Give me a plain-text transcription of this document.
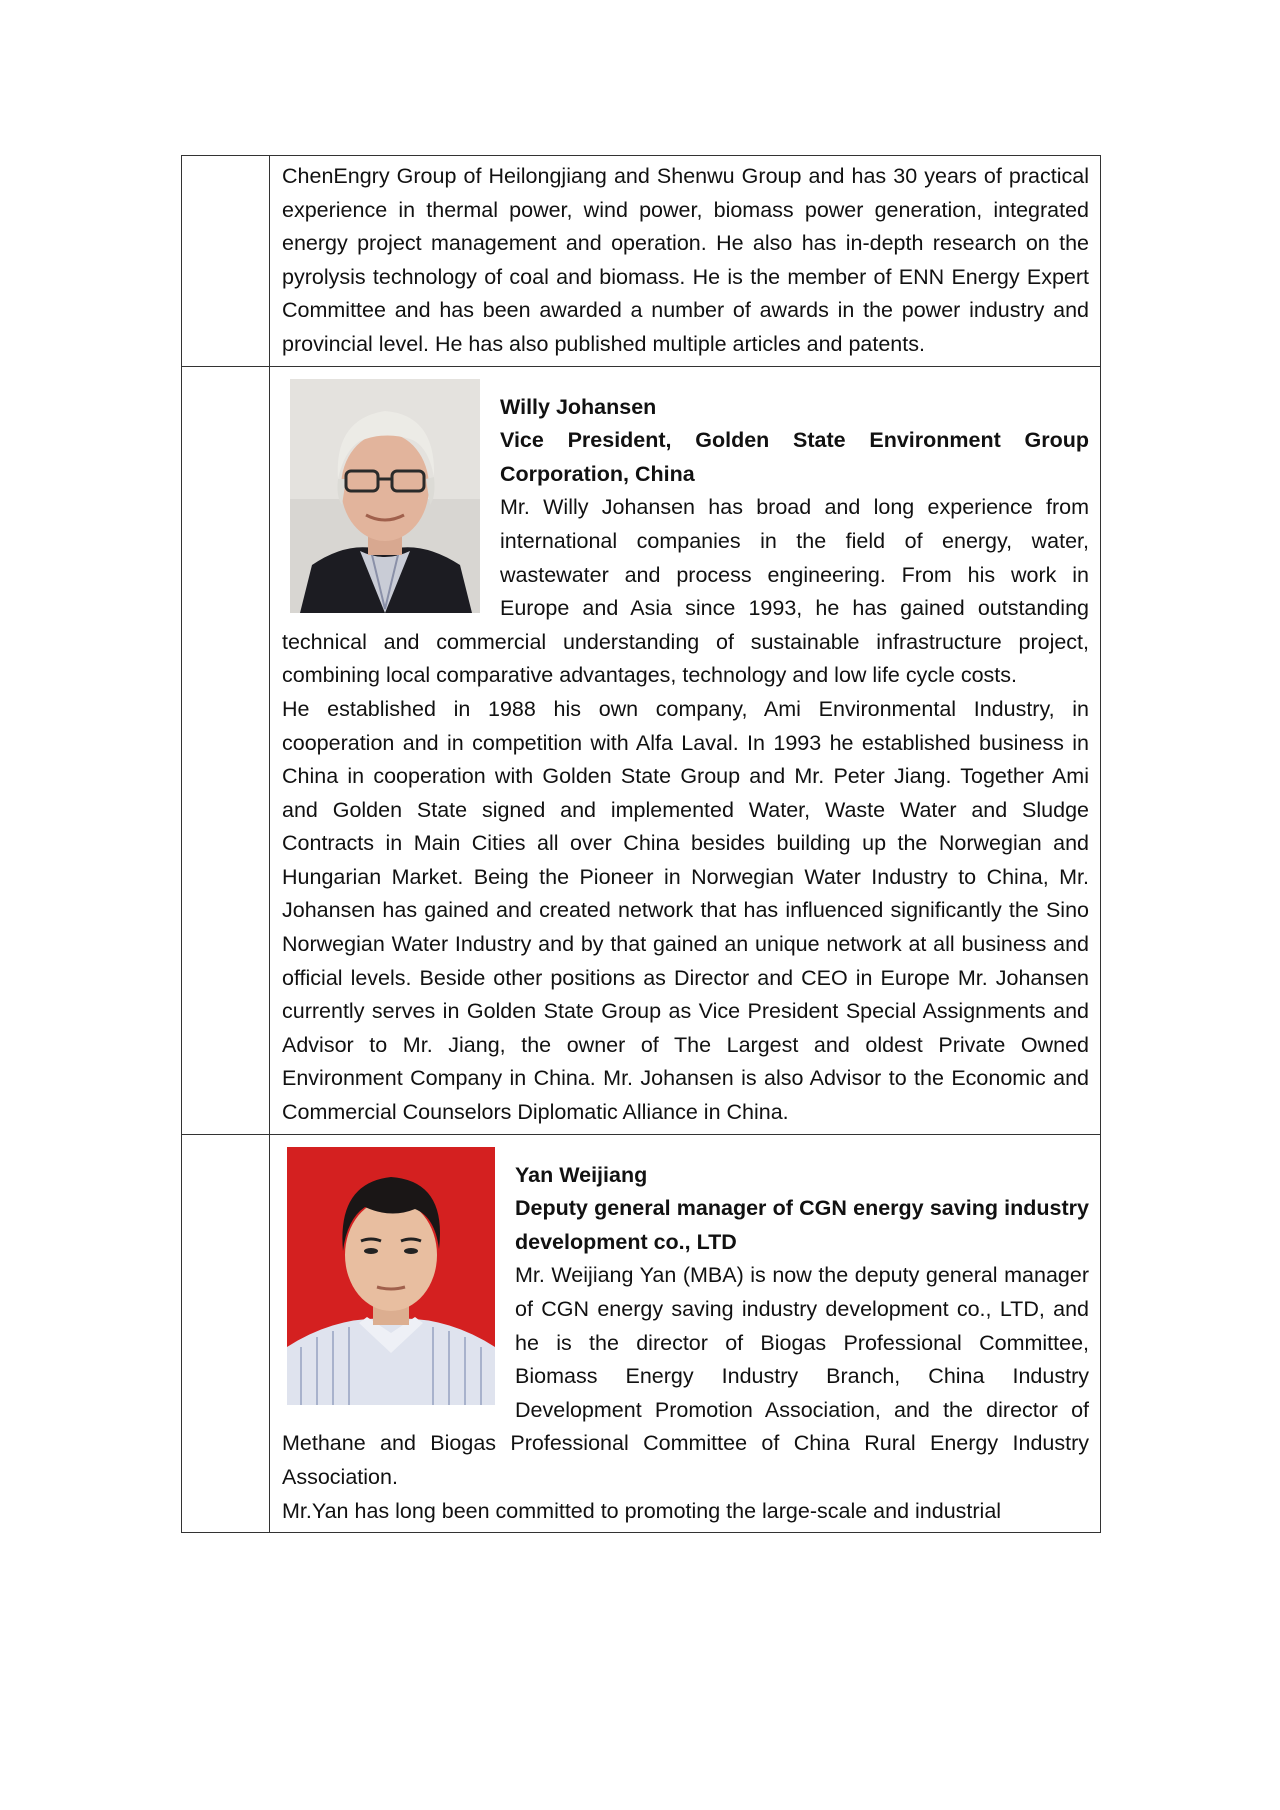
	ChenEngry Group of Heilongjiang and Shenwu Group and has 30 years of practical experience in thermal power, wind power, biomass power generation, integrated energy project management and operation. He also has in-depth research on the pyrolysis technology of coal and biomass. He is the member of ENN Energy Expert Committee and has been awarded a number of awards in the power industry and provincial level. He has also published multiple articles and patents.

	Willy Johansen

Vice President, Golden State Environment Group Corporation, China

Mr. Willy Johansen has broad and long experience from international companies in the field of energy, water, wastewater and process engineering. From his work in Europe and Asia since 1993, he has gained outstanding technical and commercial understanding of sustainable infrastructure project, combining local comparative advantages, technology and low life cycle costs.

He established in 1988 his own company, Ami Environmental Industry, in cooperation and in competition with Alfa Laval. In 1993 he established business in China in cooperation with Golden State Group and Mr. Peter Jiang. Together Ami and Golden State signed and implemented Water, Waste Water and Sludge Contracts in Main Cities all over China besides building up the Norwegian and Hungarian Market. Being the Pioneer in Norwegian Water Industry to China, Mr. Johansen has gained and created network that has influenced significantly the Sino Norwegian Water Industry and by that gained an unique network at all business and official levels. Beside other positions as Director and CEO in Europe Mr. Johansen currently serves in Golden State Group as Vice President Special Assignments and Advisor to Mr. Jiang, the owner of The Largest and oldest Private Owned Environment Company in China. Mr. Johansen is also Advisor to the Economic and Commercial Counselors Diplomatic Alliance in China.

	Yan Weijiang

Deputy general manager of CGN energy saving industry development co., LTD

Mr. Weijiang Yan (MBA) is now the deputy general manager of CGN energy saving industry development co., LTD, and he is the director of Biogas Professional Committee, Biomass Energy Industry Branch, China Industry Development Promotion Association, and the director of Methane and Biogas Professional Committee of China Rural Energy Industry Association.

Mr.Yan has long been committed to promoting the large-scale and industrial
